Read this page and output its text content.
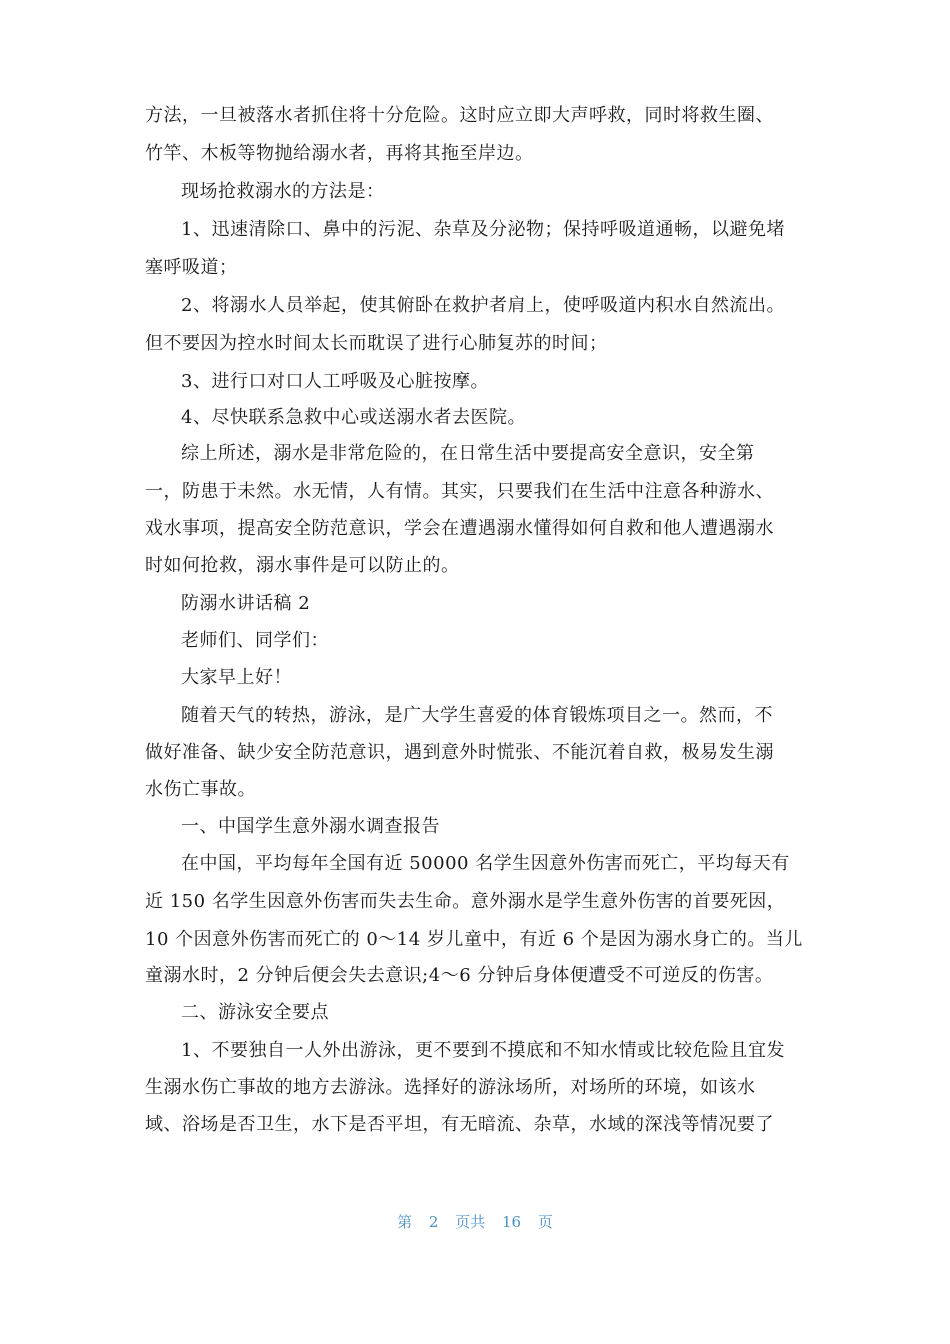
方法，一旦被落水者抓住将十分危险。这时应立即大声呼救，同时将救生圈、
竹竿、木板等物抛给溺水者，再将其拖至岸边。
现场抢救溺水的方法是：
1、迅速清除口、鼻中的污泥、杂草及分泌物；保持呼吸道通畅，以避免堵
塞呼吸道；
2、将溺水人员举起，使其俯卧在救护者肩上，使呼吸道内积水自然流出。
但不要因为控水时间太长而耽误了进行心肺复苏的时间；
3、进行口对口人工呼吸及心脏按摩。
4、尽快联系急救中心或送溺水者去医院。
综上所述，溺水是非常危险的，在日常生活中要提高安全意识，安全第
一，防患于未然。水无情，人有情。其实，只要我们在生活中注意各种游水、
戏水事项，提高安全防范意识，学会在遭遇溺水懂得如何自救和他人遭遇溺水
时如何抢救，溺水事件是可以防止的。
防溺水讲话稿 2
老师们、同学们：
大家早上好！
随着天气的转热，游泳，是广大学生喜爱的体育锻炼项目之一。然而，不
做好准备、缺少安全防范意识，遇到意外时慌张、不能沉着自救，极易发生溺
水伤亡事故。
一、中国学生意外溺水调查报告
在中国，平均每年全国有近 50000 名学生因意外伤害而死亡，平均每天有
近 150 名学生因意外伤害而失去生命。意外溺水是学生意外伤害的首要死因，
10 个因意外伤害而死亡的 0～14 岁儿童中，有近 6 个是因为溺水身亡的。当儿
童溺水时，2 分钟后便会失去意识;4～6 分钟后身体便遭受不可逆反的伤害。
二、游泳安全要点
1、不要独自一人外出游泳，更不要到不摸底和不知水情或比较危险且宜发
生溺水伤亡事故的地方去游泳。选择好的游泳场所，对场所的环境，如该水
域、浴场是否卫生，水下是否平坦，有无暗流、杂草，水域的深浅等情况要了
第 2 页共 16 页
